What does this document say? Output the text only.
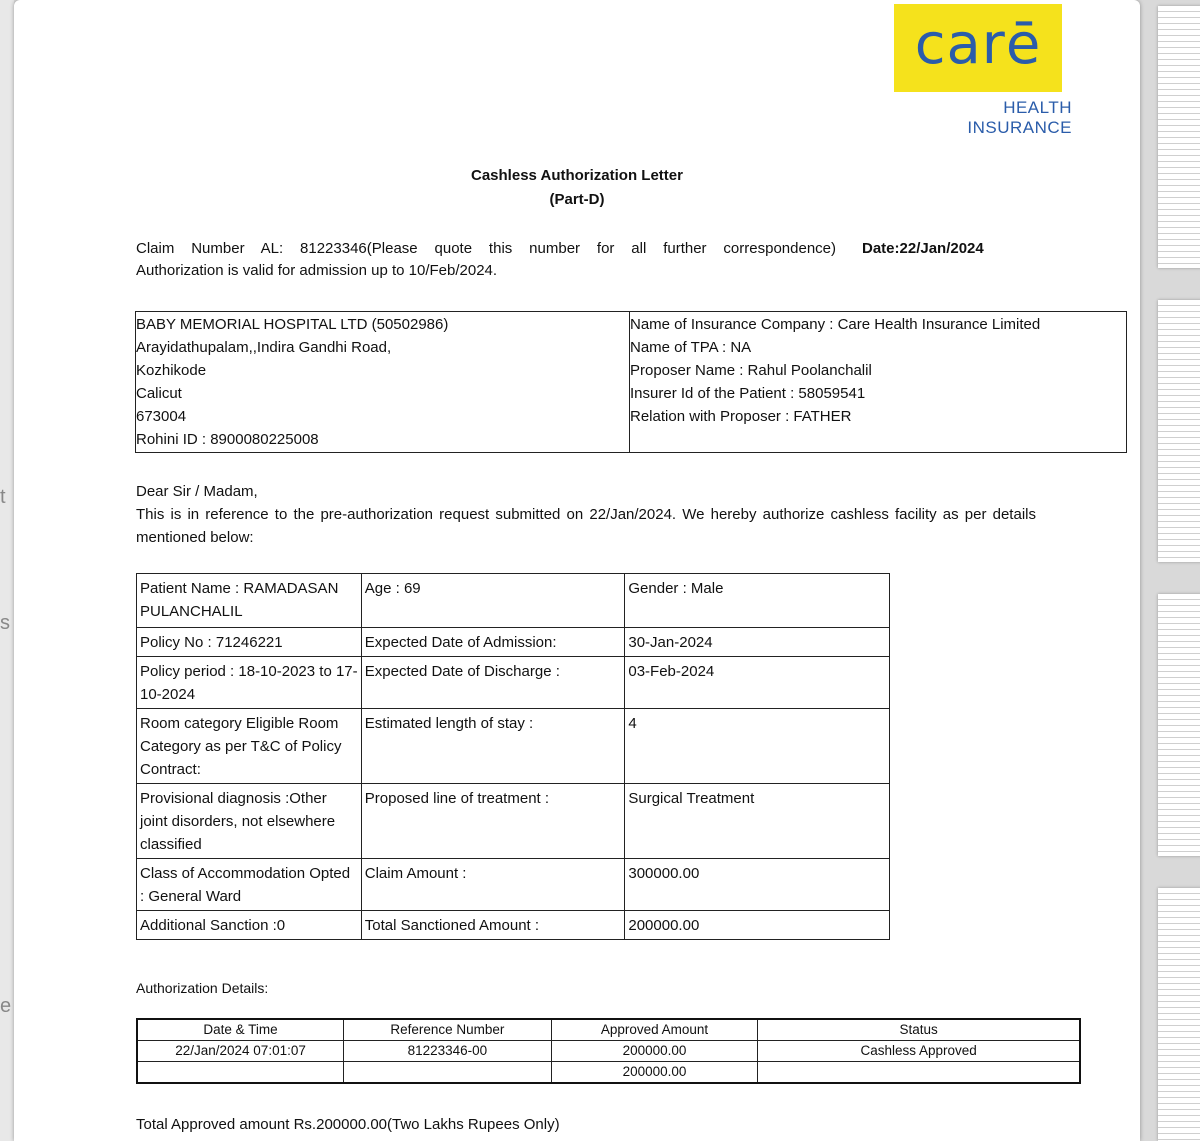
t
s
e
carē
HEALTH INSURANCE
Cashless Authorization Letter
(Part-D)
Claim Number AL: 81223346(Please quote this number for all further correspondence)
Authorization is valid for admission up to 10/Feb/2024.
Date:22/Jan/2024
BABY MEMORIAL HOSPITAL LTD (50502986)
Arayidathupalam,,Indira Gandhi Road,
Kozhikode
Calicut
673004
Rohini ID : 8900080225008
Name of Insurance Company : Care Health Insurance Limited
Name of TPA : NA
Proposer Name : Rahul Poolanchalil
Insurer Id of the Patient : 58059541
Relation with Proposer : FATHER
Dear Sir / Madam,
This is in reference to the pre-authorization request submitted on 22/Jan/2024. We hereby authorize cashless facility as per details mentioned below:
Patient Name : RAMADASAN PULANCHALIL	Age : 69	Gender : Male
Policy No : 71246221	Expected Date of Admission:	30-Jan-2024
Policy period : 18-10-2023 to 17-10-2024	Expected Date of Discharge :	03-Feb-2024
Room category Eligible Room Category as per T&C of Policy Contract:	Estimated length of stay :	4
Provisional diagnosis :Other joint disorders, not elsewhere classified	Proposed line of treatment :	Surgical Treatment
Class of Accommodation Opted : General Ward	Claim Amount :	300000.00
Additional Sanction :0	Total Sanctioned Amount :	200000.00
Authorization Details:
Date & Time	Reference Number	Approved Amount	Status
22/Jan/2024 07:01:07	81223346-00	200000.00	Cashless Approved
		200000.00	
Total Approved amount Rs.200000.00(Two Lakhs Rupees Only)
